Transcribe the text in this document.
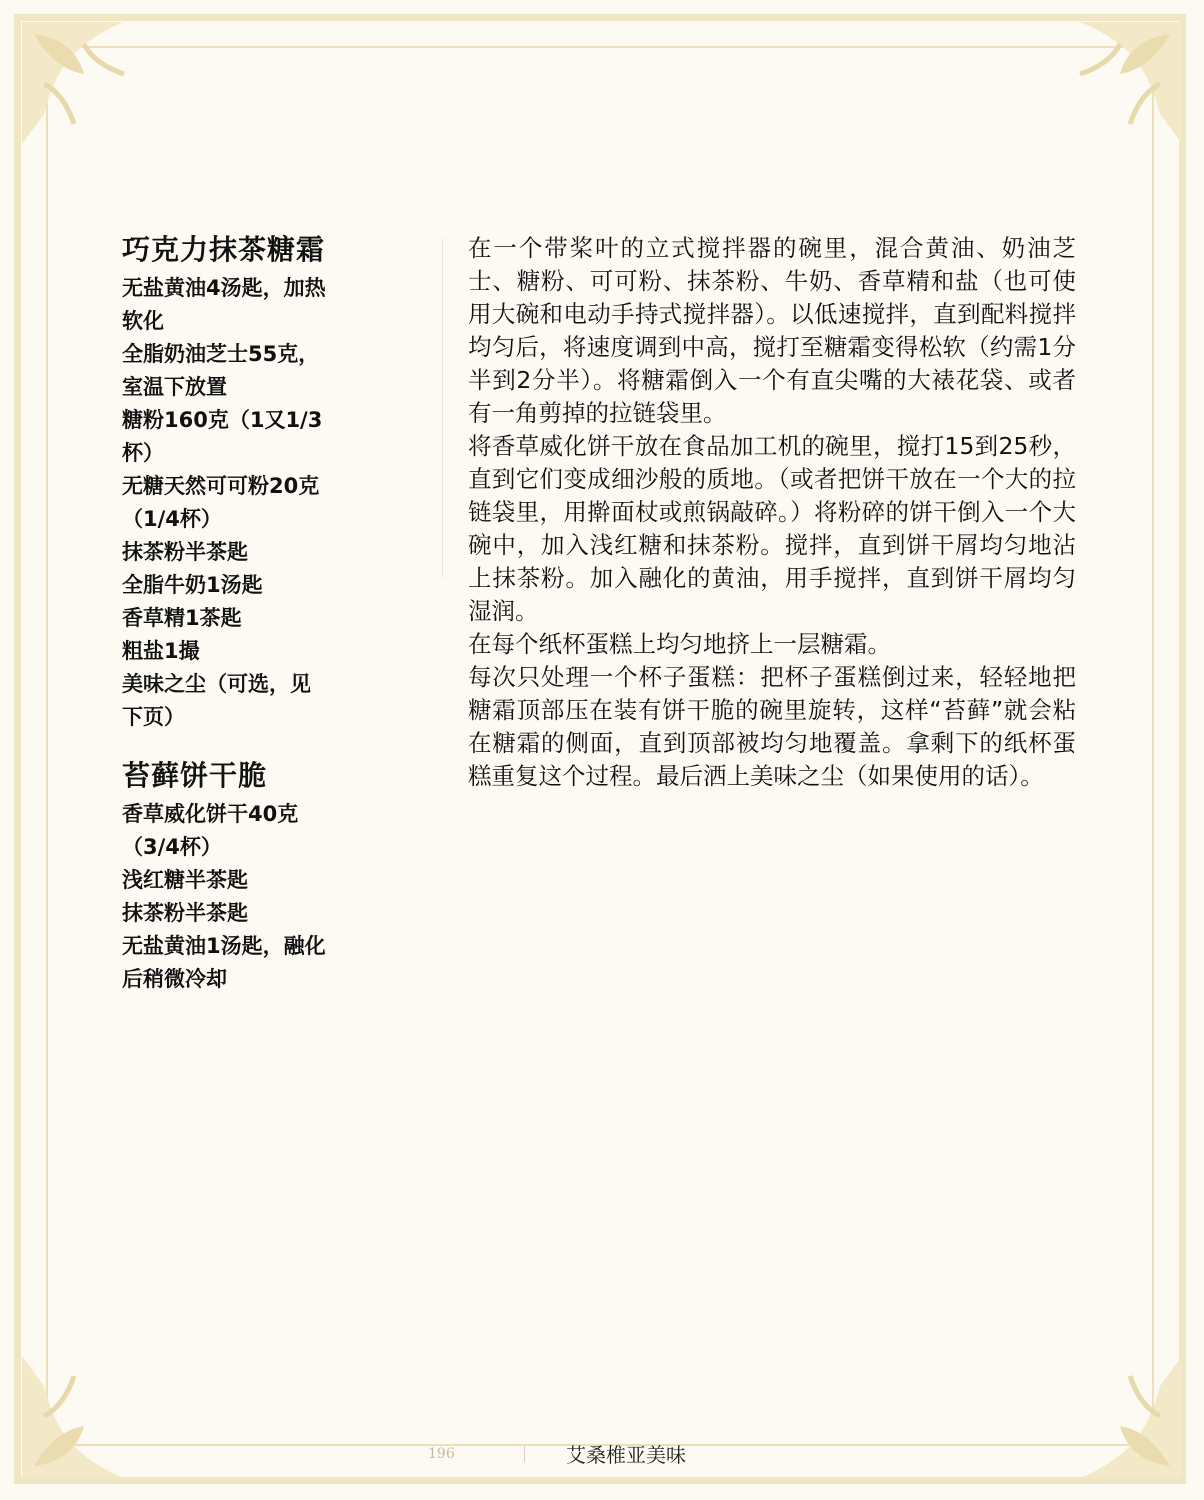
巧克力抹茶糖霜
无盐黄油4汤匙，加热
软化
全脂奶油芝士55克，
室温下放置
糖粉160克（1又1/3
杯）
无糖天然可可粉20克
（1/4杯）
抹茶粉半茶匙
全脂牛奶1汤匙
香草精1茶匙
粗盐1撮
美味之尘（可选，见
下页）
苔藓饼干脆
香草威化饼干40克
（3/4杯）
浅红糖半茶匙
抹茶粉半茶匙
无盐黄油1汤匙，融化
后稍微冷却

在一个带桨叶的立式搅拌器的碗里，混合黄油、奶油芝士、糖粉、可可粉、抹茶粉、牛奶、香草精和盐（也可使用大碗和电动手持式搅拌器）。以低速搅拌，直到配料搅拌均匀后，将速度调到中高，搅打至糖霜变得松软（约需1分半到2分半）。将糖霜倒入一个有直尖嘴的大裱花袋、或者有一角剪掉的拉链袋里。

将香草威化饼干放在食品加工机的碗里，搅打15到25秒，直到它们变成细沙般的质地。（或者把饼干放在一个大的拉链袋里，用擀面杖或煎锅敲碎。）将粉碎的饼干倒入一个大碗中，加入浅红糖和抹茶粉。搅拌，直到饼干屑均匀地沾上抹茶粉。加入融化的黄油，用手搅拌，直到饼干屑均匀湿润。

在每个纸杯蛋糕上均匀地挤上一层糖霜。

每次只处理一个杯子蛋糕：把杯子蛋糕倒过来，轻轻地把糖霜顶部压在装有饼干脆的碗里旋转，这样“苔藓”就会粘在糖霜的侧面，直到顶部被均匀地覆盖。拿剩下的纸杯蛋糕重复这个过程。最后洒上美味之尘（如果使用的话）。

196	艾桑椎亚美味
